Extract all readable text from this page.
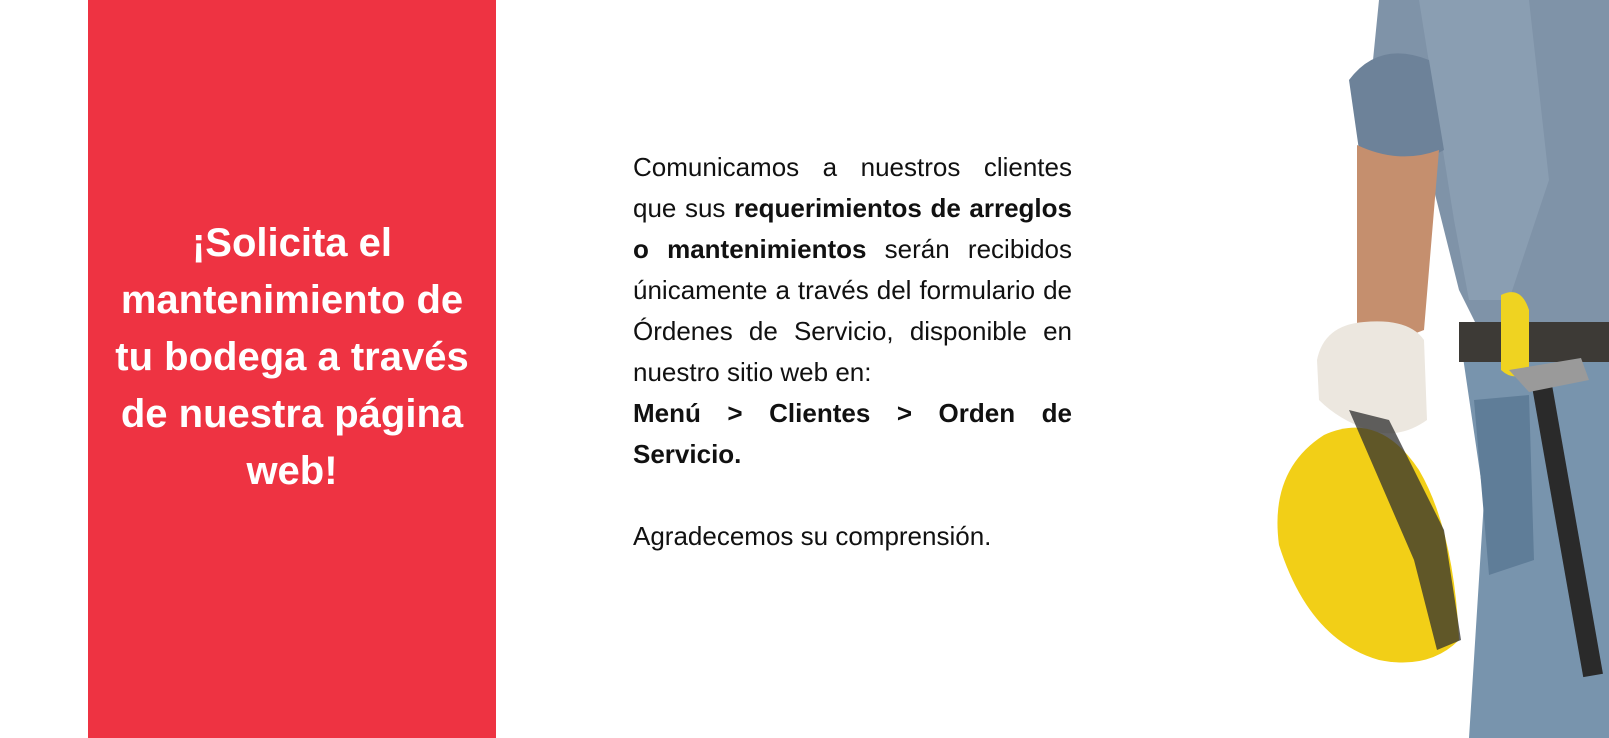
¡Solicita el mantenimiento de tu bodega a través de nuestra página web!

Comunicamos a nuestros clientes que sus requerimientos de arreglos o mantenimientos serán recibidos únicamente a través del formulario de Órdenes de Servicio, disponible en nuestro sitio web en:

Menú > Clientes > Orden de Servicio.

Agradecemos su comprensión.
